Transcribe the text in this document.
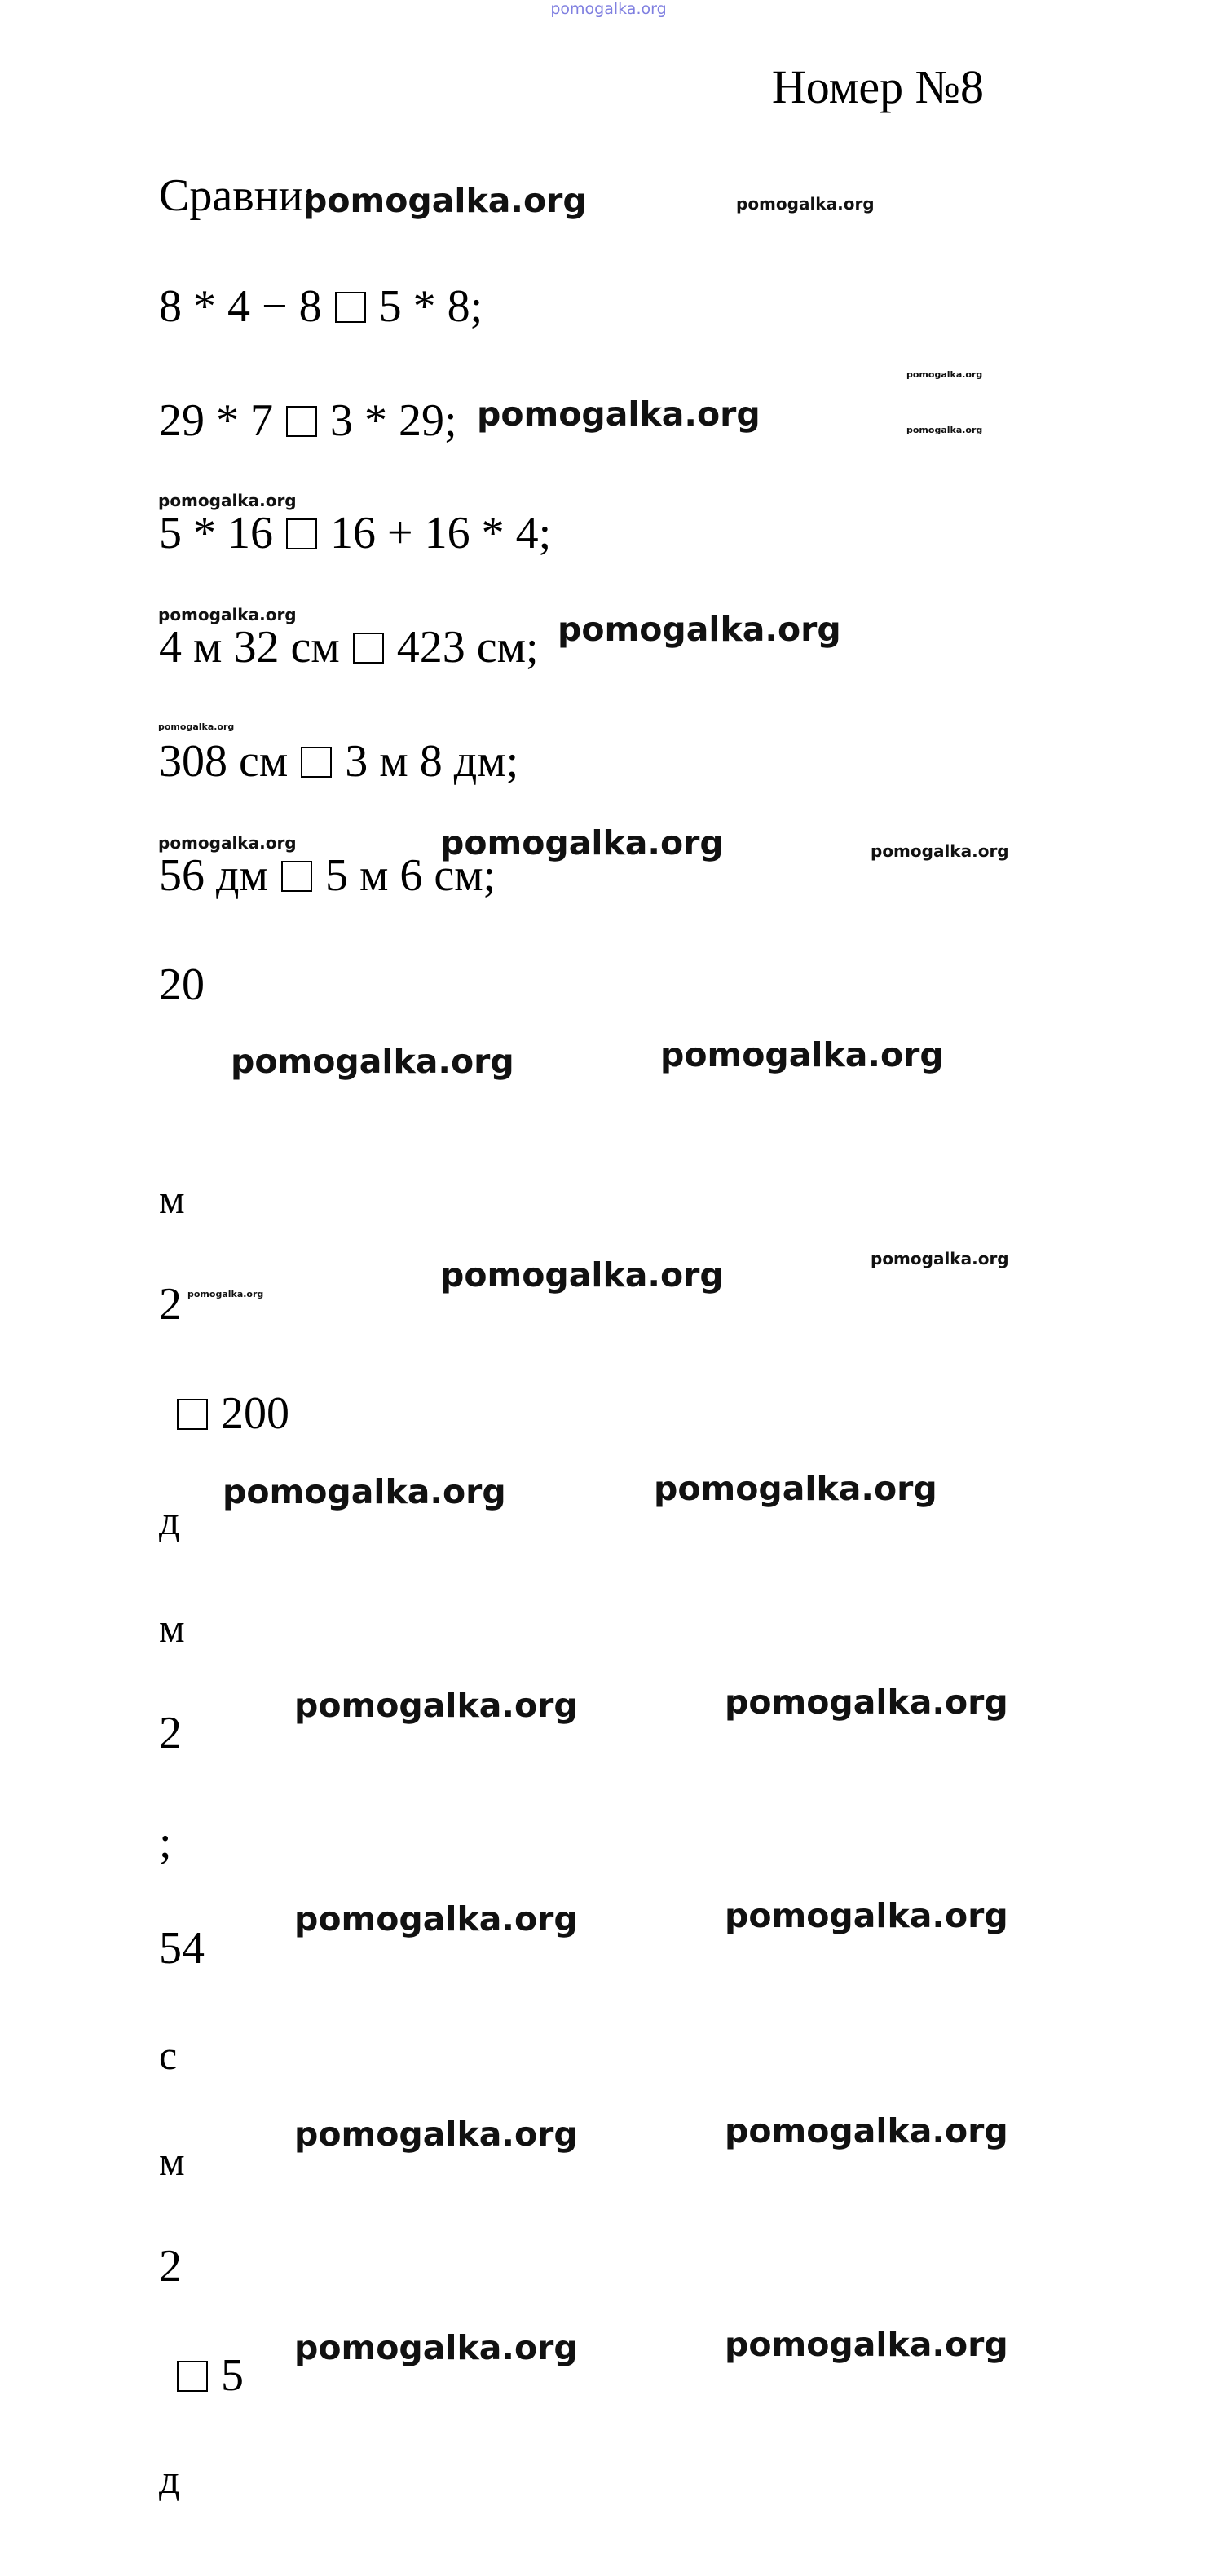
pomogalka.org
Номер №8
Сравни:
8 * 4 − 8 5 * 8;
29 * 7 3 * 29;
5 * 16 16 + 16 * 4;
4 м 32 см 423 см;
308 см 3 м 8 дм;
56 дм 5 м 6 см;
20
м
2
200
д
м
2
;
54
с
м
2
5
д
pomogalka.org	pomogalka.org
pomogalka.org
pomogalka.org	pomogalka.org
pomogalka.org
pomogalka.org	pomogalka.org
pomogalka.org
pomogalka.org	pomogalka.org	pomogalka.org
pomogalka.org	pomogalka.org
pomogalka.org	pomogalka.org
pomogalka.org
pomogalka.org	pomogalka.org
pomogalka.org	pomogalka.org
pomogalka.org	pomogalka.org
pomogalka.org	pomogalka.org
pomogalka.org	pomogalka.org
